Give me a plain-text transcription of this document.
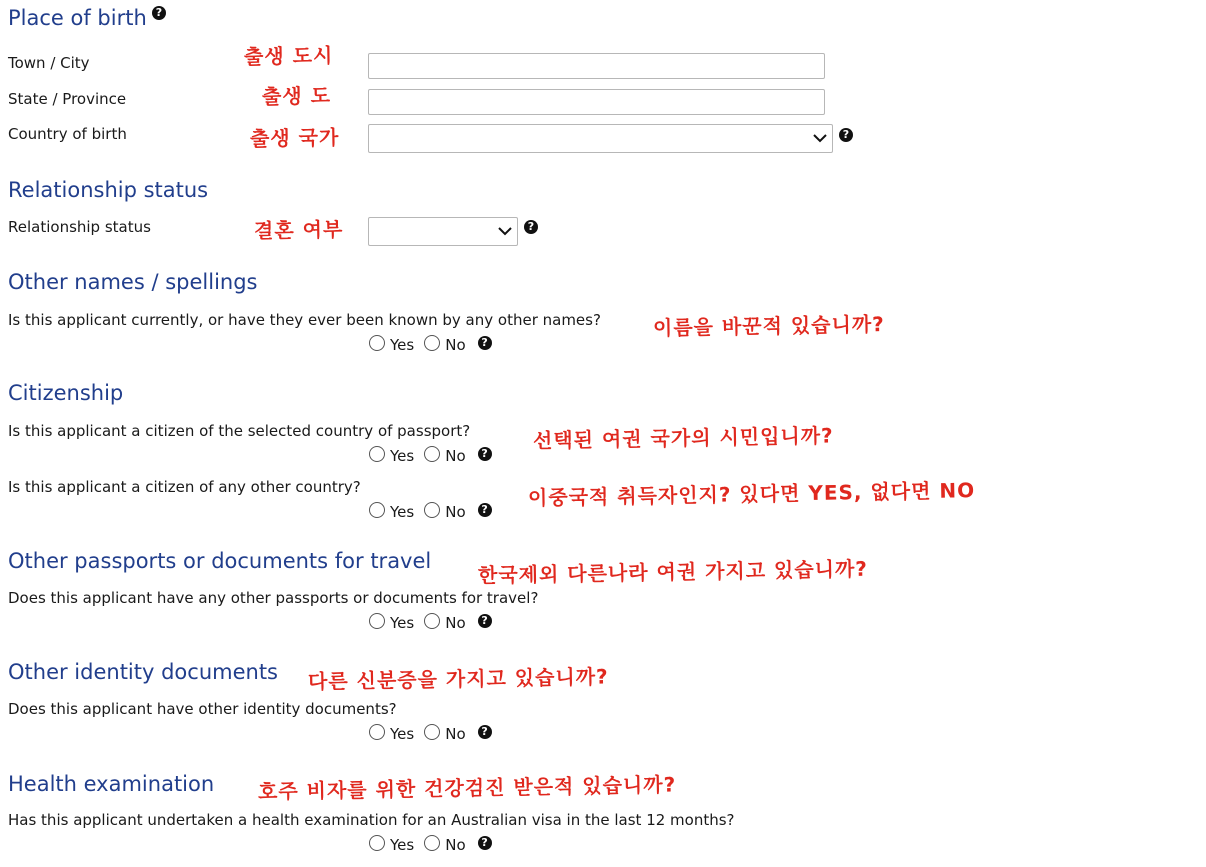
Place of birth ?
Town / City	출생 도시
State / Province	출생 도
Country of birth	출생 국가	?
Relationship status
Relationship status	결혼 여부	?
Other names / spellings
Is this applicant currently, or have they ever been known by any other names?	이름을 바꾼적 있습니까?
Yes No	?
Citizenship
Is this applicant a citizen of the selected country of passport?	선택된 여권 국가의 시민입니까?
Yes No	?
Is this applicant a citizen of any other country?	이중국적 취득자인지? 있다면 YES, 없다면 NO
Yes No	?
Other passports or documents for travel 한국제외 다른나라 여권 가지고 있습니까?
Does this applicant have any other passports or documents for travel?
Yes No	?
Other identity documents 다른 신분증을 가지고 있습니까?
Does this applicant have other identity documents?
Yes No	?
Health examination 호주 비자를 위한 건강검진 받은적 있습니까?
Has this applicant undertaken a health examination for an Australian visa in the last 12 months?
Yes No	?
